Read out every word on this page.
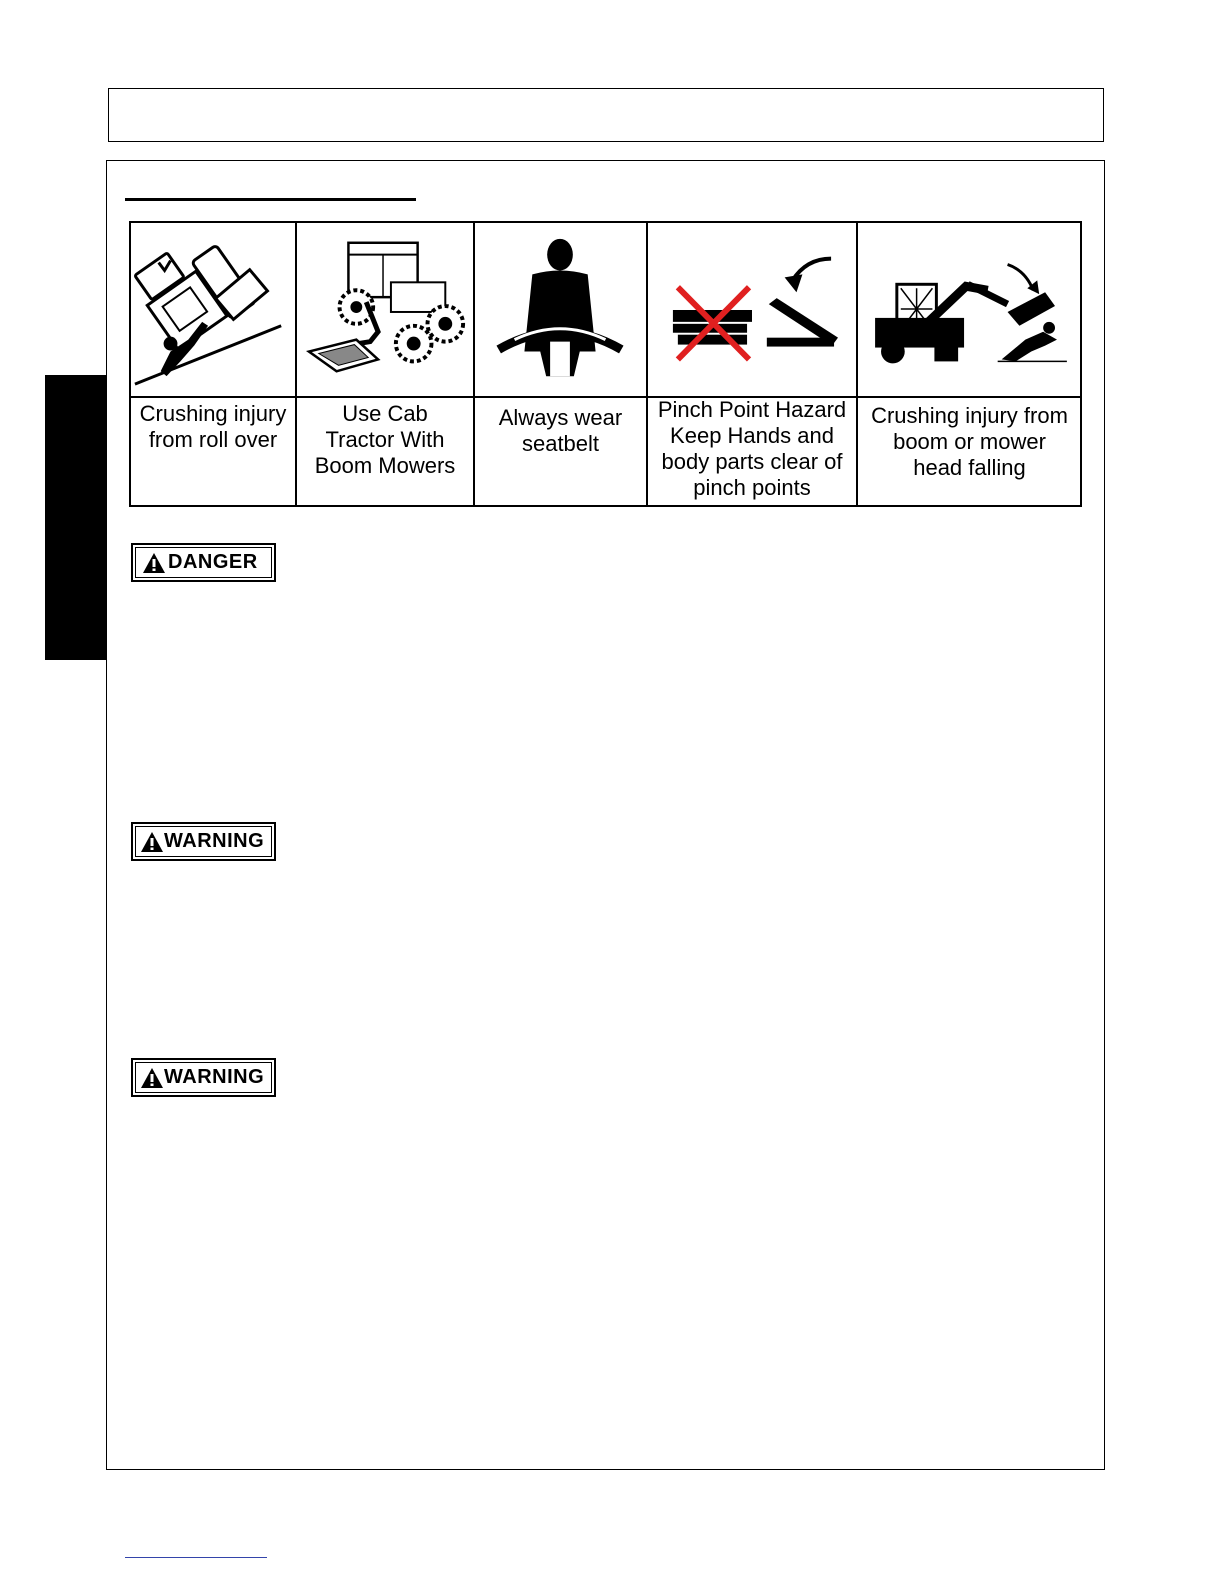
Crushing injury
from roll over
Use Cab
Tractor With
Boom Mowers
Always wear
seatbelt
Pinch Point Hazard
Keep Hands and
body parts clear of
pinch points
Crushing injury from
boom or mower
head falling
DANGER
WARNING
WARNING
